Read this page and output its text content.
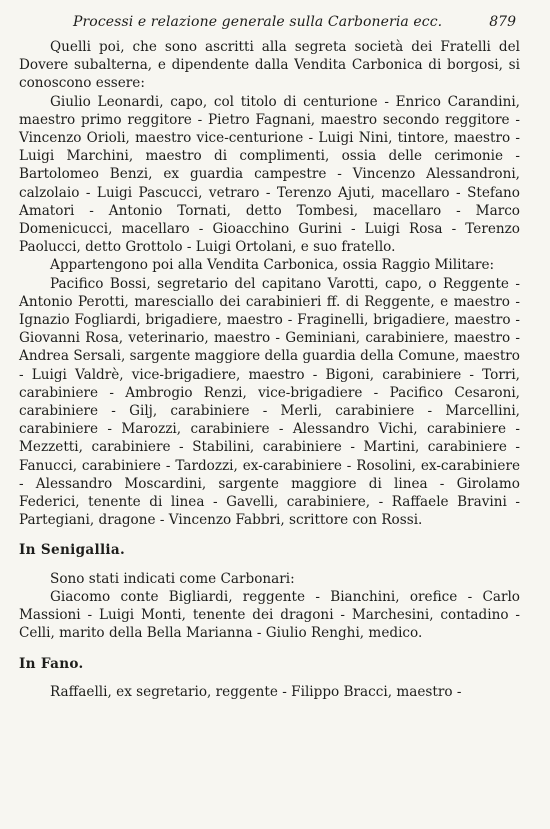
Processi e relazione generale sulla Carboneria ecc.	879

Quelli poi, che sono ascritti alla segreta società dei Fratelli del Dovere subalterna, e dipendente dalla Vendita Carbonica di borgosi, si conoscono essere:

Giulio Leonardi, capo, col titolo di centurione - Enrico Carandini, maestro primo reggitore - Pietro Fagnani, maestro secondo reggitore - Vincenzo Orioli, maestro vice-centurione - Luigi Nini, tintore, maestro - Luigi Marchini, maestro di complimenti, ossia delle cerimonie - Bartolomeo Benzi, ex guardia campestre - Vincenzo Alessandroni, calzolaio - Luigi Pascucci, vetraro - Terenzo Ajuti, macellaro - Stefano Amatori - Antonio Tornati, detto Tombesi, macellaro - Marco Domenicucci, macellaro - Gioacchino Gurini - Luigi Rosa - Terenzo Paolucci, detto Grottolo - Luigi Ortolani, e suo fratello.

Appartengono poi alla Vendita Carbonica, ossia Raggio Militare:

Pacifico Bossi, segretario del capitano Varotti, capo, o Reggente - Antonio Perotti, maresciallo dei carabinieri ff. di Reggente, e maestro - Ignazio Fogliardi, brigadiere, maestro - Fraginelli, brigadiere, maestro - Giovanni Rosa, veterinario, maestro - Geminiani, carabiniere, maestro - Andrea Sersali, sargente maggiore della guardia della Comune, maestro - Luigi Valdrè, vice-brigadiere, maestro - Bigoni, carabiniere - Torri, carabiniere - Ambrogio Renzi, vice-brigadiere - Pacifico Cesaroni, carabiniere - Gilj, carabiniere - Merli, carabiniere - Marcellini, carabiniere - Marozzi, carabiniere - Alessandro Vichi, carabiniere - Mezzetti, carabiniere - Stabilini, carabiniere - Martini, carabiniere - Fanucci, carabiniere - Tardozzi, ex-carabiniere - Rosolini, ex-carabiniere - Alessandro Moscardini, sargente maggiore di linea - Girolamo Federici, tenente di linea - Gavelli, carabiniere, - Raffaele Bravini - Partegiani, dragone - Vincenzo Fabbri, scrittore con Rossi.

In Senigallia.

Sono stati indicati come Carbonari:

Giacomo conte Bigliardi, reggente - Bianchini, orefice - Carlo Massioni - Luigi Monti, tenente dei dragoni - Marchesini, contadino - Celli, marito della Bella Marianna - Giulio Renghi, medico.

In Fano.

Raffaelli, ex segretario, reggente - Filippo Bracci, maestro -
